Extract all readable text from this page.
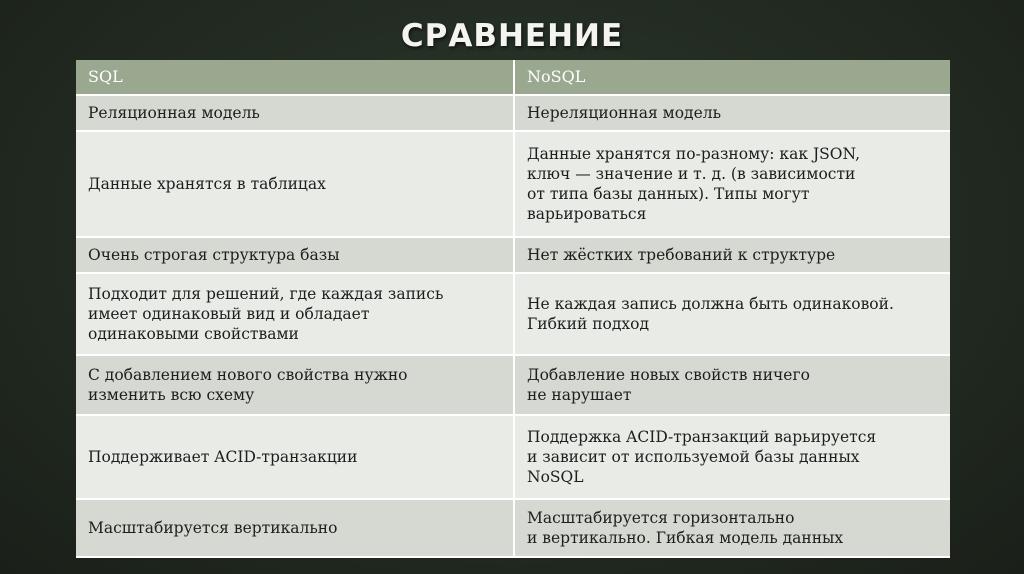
СРАВНЕНИЕ
SQL	NoSQL

Реляционная модель	Нереляционная модель

Данные хранятся в таблицах	Данные хранятся по-разному: как JSON,
ключ — значение и т. д. (в зависимости
от типа базы данных). Типы могут
варьироваться

Очень строгая структура базы	Нет жёстких требований к структуре

Подходит для решений, где каждая запись
имеет одинаковый вид и обладает
одинаковыми свойствами	Не каждая запись должна быть одинаковой.
Гибкий подход

С добавлением нового свойства нужно
изменить всю схему	Добавление новых свойств ничего
не нарушает

Поддерживает ACID-транзакции	Поддержка ACID-транзакций варьируется
и зависит от используемой базы данных
NoSQL

Масштабируется вертикально	Масштабируется горизонтально
и вертикально. Гибкая модель данных
